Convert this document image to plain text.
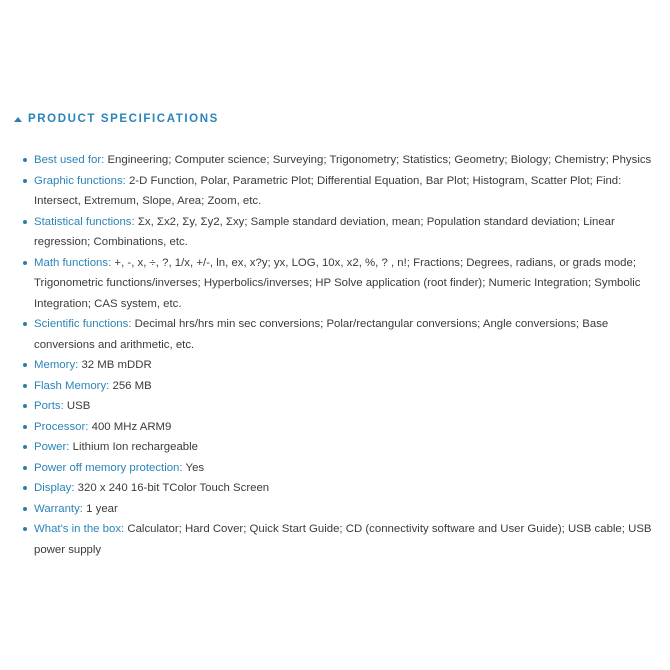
PRODUCT SPECIFICATIONS
Best used for: Engineering; Computer science; Surveying; Trigonometry; Statistics; Geometry; Biology; Chemistry; Physics
Graphic functions: 2-D Function, Polar, Parametric Plot; Differential Equation, Bar Plot; Histogram, Scatter Plot; Find: Intersect, Extremum, Slope, Area; Zoom, etc.
Statistical functions: Σx, Σx2, Σy, Σy2, Σxy; Sample standard deviation, mean; Population standard deviation; Linear regression; Combinations, etc.
Math functions: +, -, x, ÷, ?, 1/x, +/-, ln, ex, x?y; yx, LOG, 10x, x2, %, ? , n!; Fractions; Degrees, radians, or grads mode; Trigonometric functions/inverses; Hyperbolics/inverses; HP Solve application (root finder); Numeric Integration; Symbolic Integration; CAS system, etc.
Scientific functions: Decimal hrs/hrs min sec conversions; Polar/rectangular conversions; Angle conversions; Base conversions and arithmetic, etc.
Memory: 32 MB mDDR
Flash Memory: 256 MB
Ports: USB
Processor: 400 MHz ARM9
Power: Lithium Ion rechargeable
Power off memory protection: Yes
Display: 320 x 240 16-bit TColor Touch Screen
Warranty: 1 year
What's in the box: Calculator; Hard Cover; Quick Start Guide; CD (connectivity software and User Guide); USB cable; USB power supply
